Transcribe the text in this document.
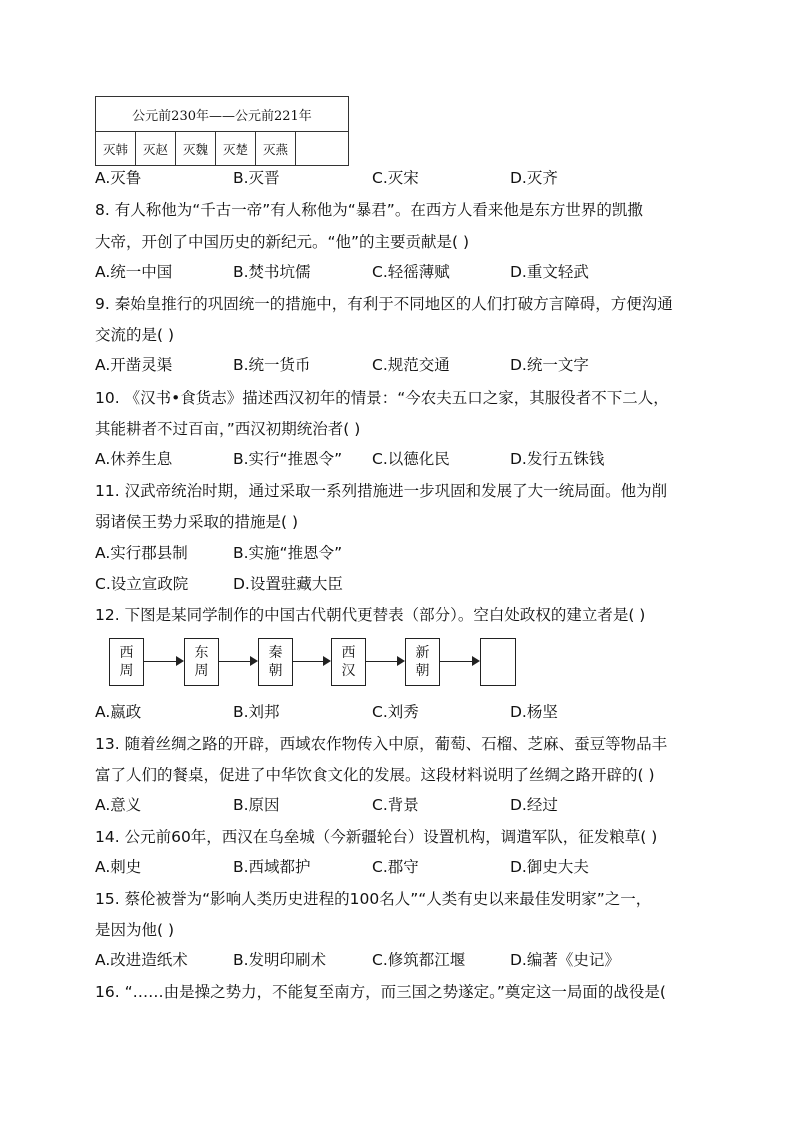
公元前230年——公元前221年
灭韩	灭赵	灭魏	灭楚	灭燕
A.灭鲁	B.灭晋	C.灭宋	D.灭齐
8. 有人称他为“千古一帝”有人称他为“暴君”。在西方人看来他是东方世界的凯撒
大帝，开创了中国历史的新纪元。“他”的主要贡献是( )
A.统一中国	B.焚书坑儒	C.轻徭薄赋	D.重文轻武
9. 秦始皇推行的巩固统一的措施中，有利于不同地区的人们打破方言障碍，方便沟通
交流的是( )
A.开凿灵渠	B.统一货币	C.规范交通	D.统一文字
10. 《汉书•食货志》描述西汉初年的情景：“今农夫五口之家，其服役者不下二人，
其能耕者不过百亩，”西汉初期统治者( )
A.休养生息	B.实行“推恩令” C.以德化民	D.发行五铢钱
11. 汉武帝统治时期，通过采取一系列措施进一步巩固和发展了大一统局面。他为削
弱诸侯王势力采取的措施是( )
A.实行郡县制	B.实施“推恩令”
C.设立宣政院	D.设置驻藏大臣
12. 下图是某同学制作的中国古代朝代更替表（部分）。空白处政权的建立者是( )
西
周
东
周
秦
朝
西
汉
新
朝
A.嬴政	B.刘邦	C.刘秀	D.杨坚
13. 随着丝绸之路的开辟，西域农作物传入中原，葡萄、石榴、芝麻、蚕豆等物品丰
富了人们的餐桌，促进了中华饮食文化的发展。这段材料说明了丝绸之路开辟的( )
A.意义	B.原因	C.背景	D.经过
14. 公元前60年，西汉在乌垒城（今新疆轮台）设置机构，调遣军队，征发粮草( )
A.刺史	B.西域都护	C.郡守	D.御史大夫
15. 蔡伦被誉为“影响人类历史进程的100名人”“人类有史以来最佳发明家”之一，
是因为他( )
A.改进造纸术	B.发明印刷术	C.修筑都江堰	D.编著《史记》
16. “……由是操之势力，不能复至南方，而三国之势遂定。”奠定这一局面的战役是(
